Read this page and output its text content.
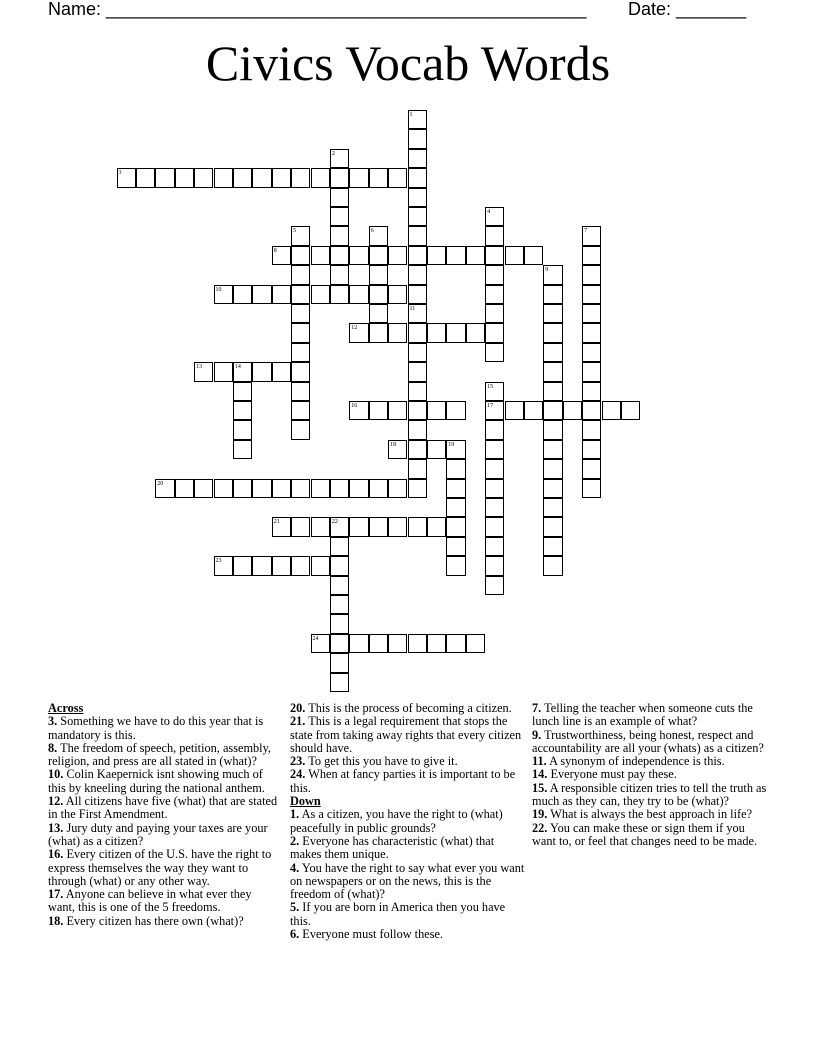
Name: ________________________________________________ Date: _______
Civics Vocab Words
1
2
3
4
5	6	7
8
9
10
11
12
13	14
15
16	17
18	19
20
21	22
23
24
Across
3. Something we have to do this year that is mandatory is this.
8. The freedom of speech, petition, assembly, religion, and press are all stated in (what)?
10. Colin Kaepernick isnt showing much of this by kneeling during the national anthem.
12. All citizens have five (what) that are stated in the First Amendment.
13. Jury duty and paying your taxes are your (what) as a citizen?
16. Every citizen of the U.S. have the right to express themselves the way they want to through (what) or any other way.
17. Anyone can believe in what ever they want, this is one of the 5 freedoms.
18. Every citizen has there own (what)?
20. This is the process of becoming a citizen.
21. This is a legal requirement that stops the state from taking away rights that every citizen should have.
23. To get this you have to give it.
24. When at fancy parties it is important to be this.
Down
1. As a citizen, you have the right to (what) peacefully in public grounds?
2. Everyone has characteristic (what) that makes them unique.
4. You have the right to say what ever you want on newspapers or on the news, this is the freedom of (what)?
5. If you are born in America then you have this.
6. Everyone must follow these.
7. Telling the teacher when someone cuts the lunch line is an example of what?
9. Trustworthiness, being honest, respect and accountability are all your (whats) as a citizen?
11. A synonym of independence is this.
14. Everyone must pay these.
15. A responsible citizen tries to tell the truth as much as they can, they try to be (what)?
19. What is always the best approach in life?
22. You can make these or sign them if you want to, or feel that changes need to be made.
